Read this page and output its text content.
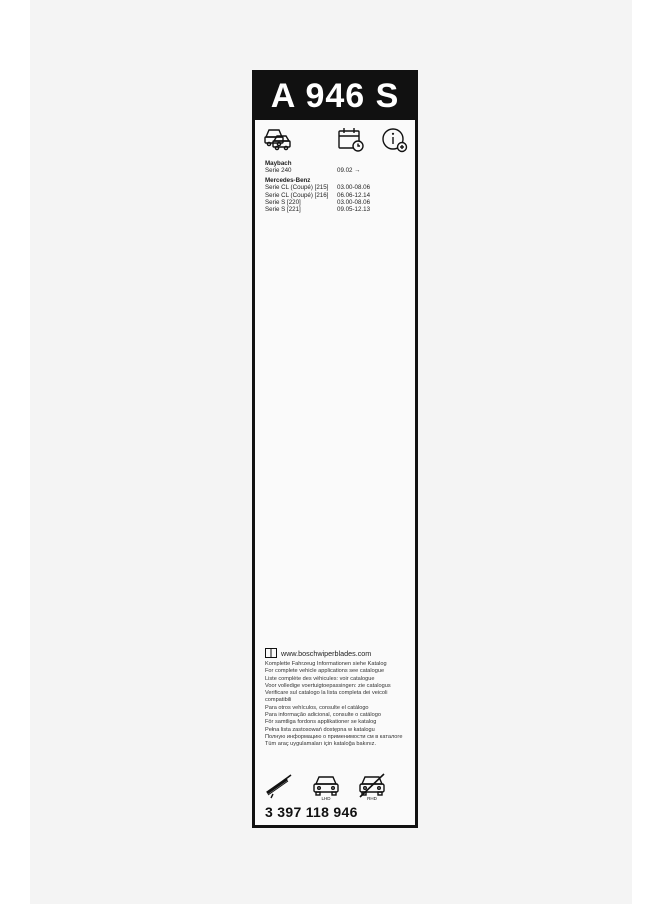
A 946 S
Maybach
Serie 240	09.02 →
Mercedes-Benz
Serie CL (Coupé) [215]	03.00-08.06
Serie CL (Coupé) [216]	06.06-12.14
Serie S [220]	03.00-08.06
Serie S [221]	09.05-12.13
www.boschwiperblades.com
Komplette Fahrzeug Informationen siehe Katalog
For complete vehicle applications see catalogue
Liste complète des véhicules: voir catalogue
Voor volledige voertuigtoepassingen: zie catalogus
Verificare sul catalogo la lista completa dei veicoli
compatibili
Para otros vehículos, consulte el catálogo
Para informação adicional, consulte o catálogo
För samtliga fordons applikationer se katalog
Pełna lista zastosowań dostępna w katalogu
Полную информацию о применимости см в каталоге
Tüm araç uygulamaları için kataloğa bakınız.
LHD	RHD
3 397 118 946
